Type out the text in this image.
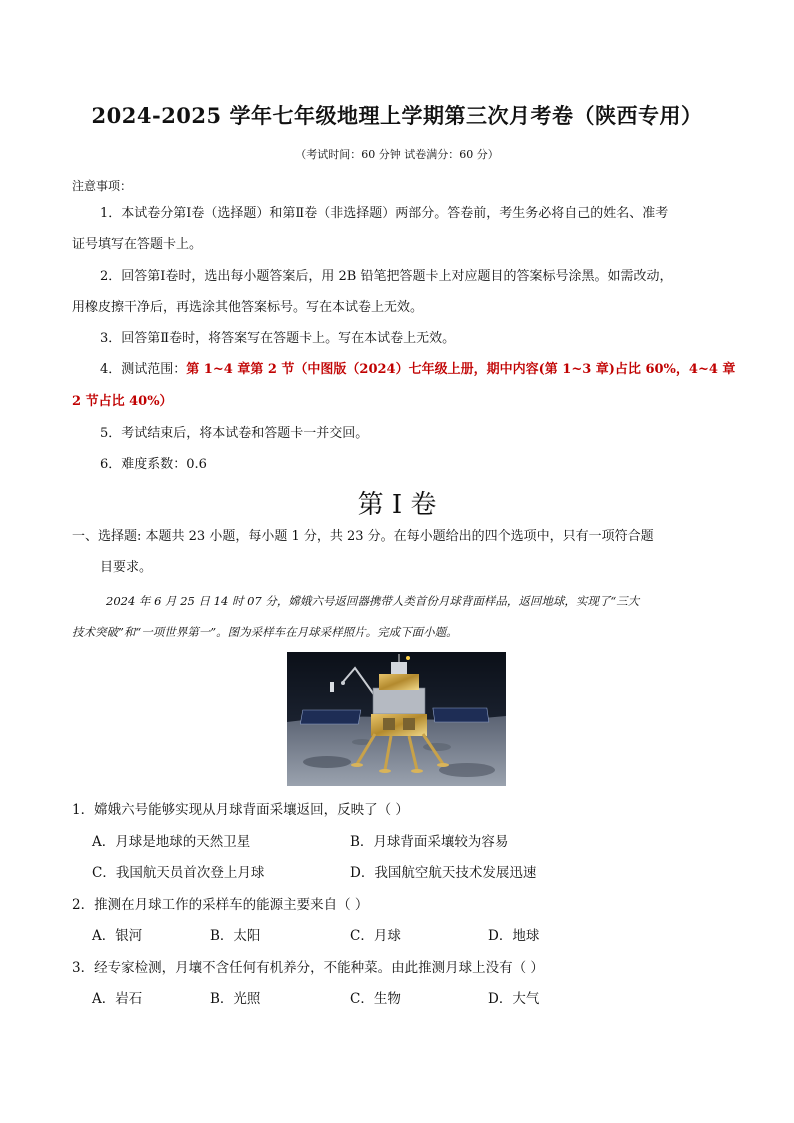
2024-2025 学年七年级地理上学期第三次月考卷（陕西专用）
（考试时间：60 分钟 试卷满分：60 分）
注意事项：
1．本试卷分第Ⅰ卷（选择题）和第Ⅱ卷（非选择题）两部分。答卷前，考生务必将自己的姓名、准考
证号填写在答题卡上。
2．回答第Ⅰ卷时，选出每小题答案后，用 2B 铅笔把答题卡上对应题目的答案标号涂黑。如需改动，
用橡皮擦干净后，再选涂其他答案标号。写在本试卷上无效。
3．回答第Ⅱ卷时，将答案写在答题卡上。写在本试卷上无效。
4．测试范围：第 1~4 章第 2 节（中图版（2024）七年级上册，期中内容(第 1~3 章)占比 60%，4~4 章
2 节占比 40%）
5．考试结束后，将本试卷和答题卡一并交回。
6．难度系数：0.6
第 I 卷
一、选择题: 本题共 23 小题，每小题 1 分，共 23 分。在每小题给出的四个选项中，只有一项符合题
目要求。
2024 年 6 月 25 日 14 时 07 分，嫦娥六号返回器携带人类首份月球背面样品，返回地球，实现了“三大
技术突破”和“一项世界第一”。图为采样车在月球采样照片。完成下面小题。
1．嫦娥六号能够实现从月球背面采壤返回，反映了（ ）
A．月球是地球的天然卫星	B．月球背面采壤较为容易
C．我国航天员首次登上月球	D．我国航空航天技术发展迅速
2．推测在月球工作的采样车的能源主要来自（ ）
A．银河	B．太阳	C．月球	D．地球
3．经专家检测，月壤不含任何有机养分，不能种菜。由此推测月球上没有（ ）
A．岩石	B．光照	C．生物	D．大气
